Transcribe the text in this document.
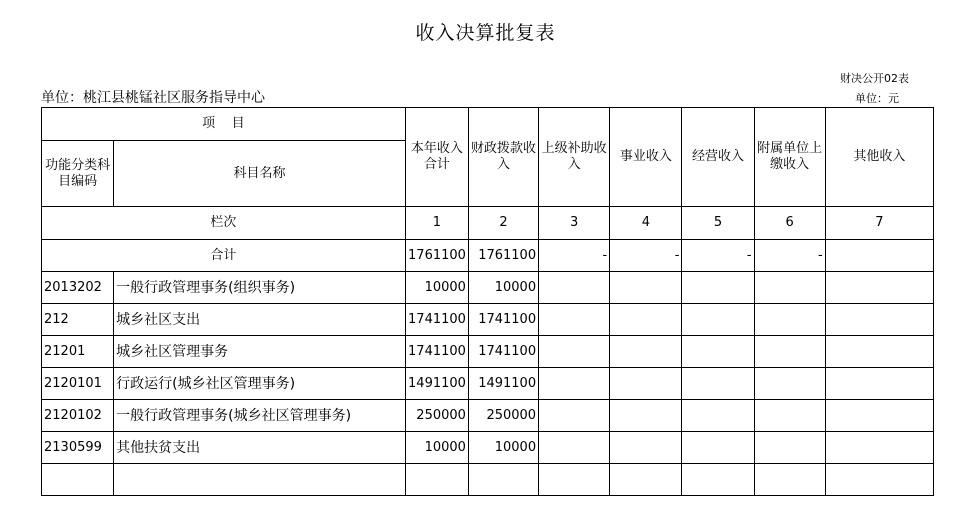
收入决算批复表
财决公开02表
单位：桃江县桃锰社区服务指导中心	单位：元
项    目		本年收入合计	财政拨款收入	上级补助收入	事业收入	经营收入	附属单位上缴收入	其他收入
功能分类科目编码	科目名称							
栏次		1	2	3	4	5	6	7
合计		1761100	1761100	-	-	-	-	
2013202	一般行政管理事务(组织事务)	10000	10000					
212	城乡社区支出	1741100	1741100					
21201	城乡社区管理事务	1741100	1741100					
2120101	行政运行(城乡社区管理事务)	1491100	1491100					
2120102	一般行政管理事务(城乡社区管理事务)	250000	250000					
2130599	其他扶贫支出	10000	10000					
